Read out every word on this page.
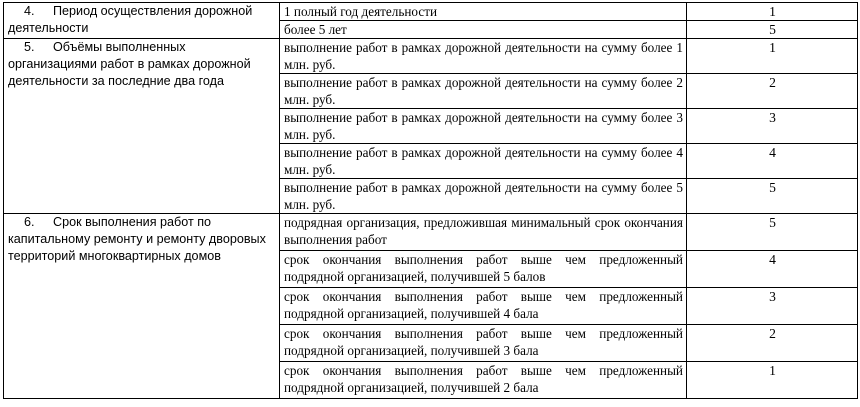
4. Период осуществления дорожной деятельности	1 полный год деятельности	1

	более 5 лет	5
5. Объёмы выполненных организациями работ в рамках дорожной деятельности за последние два года	выполнение работ в рамках дорожной деятельности на сумму более 1 млн. руб.	1

	выполнение работ в рамках дорожной деятельности на сумму более 2 млн. руб.	2

	выполнение работ в рамках дорожной деятельности на сумму более 3 млн. руб.	3

	выполнение работ в рамках дорожной деятельности на сумму более 4 млн. руб.	4

	выполнение работ в рамках дорожной деятельности на сумму более 5 млн. руб.	5
6. Срок выполнения работ по капитальному ремонту и ремонту дворовых территорий многоквартирных домов	подрядная организация, предложившая минимальный срок окончания выполнения работ	5

	срок окончания выполнения работ выше чем предложенный подрядной организацией, получившей 5 балов	4

	срок окончания выполнения работ выше чем предложенный подрядной организацией, получившей 4 бала	3

	срок окончания выполнения работ выше чем предложенный подрядной организацией, получившей 3 бала	2

	срок окончания выполнения работ выше чем предложенный подрядной организацией, получившей 2 бала	1
